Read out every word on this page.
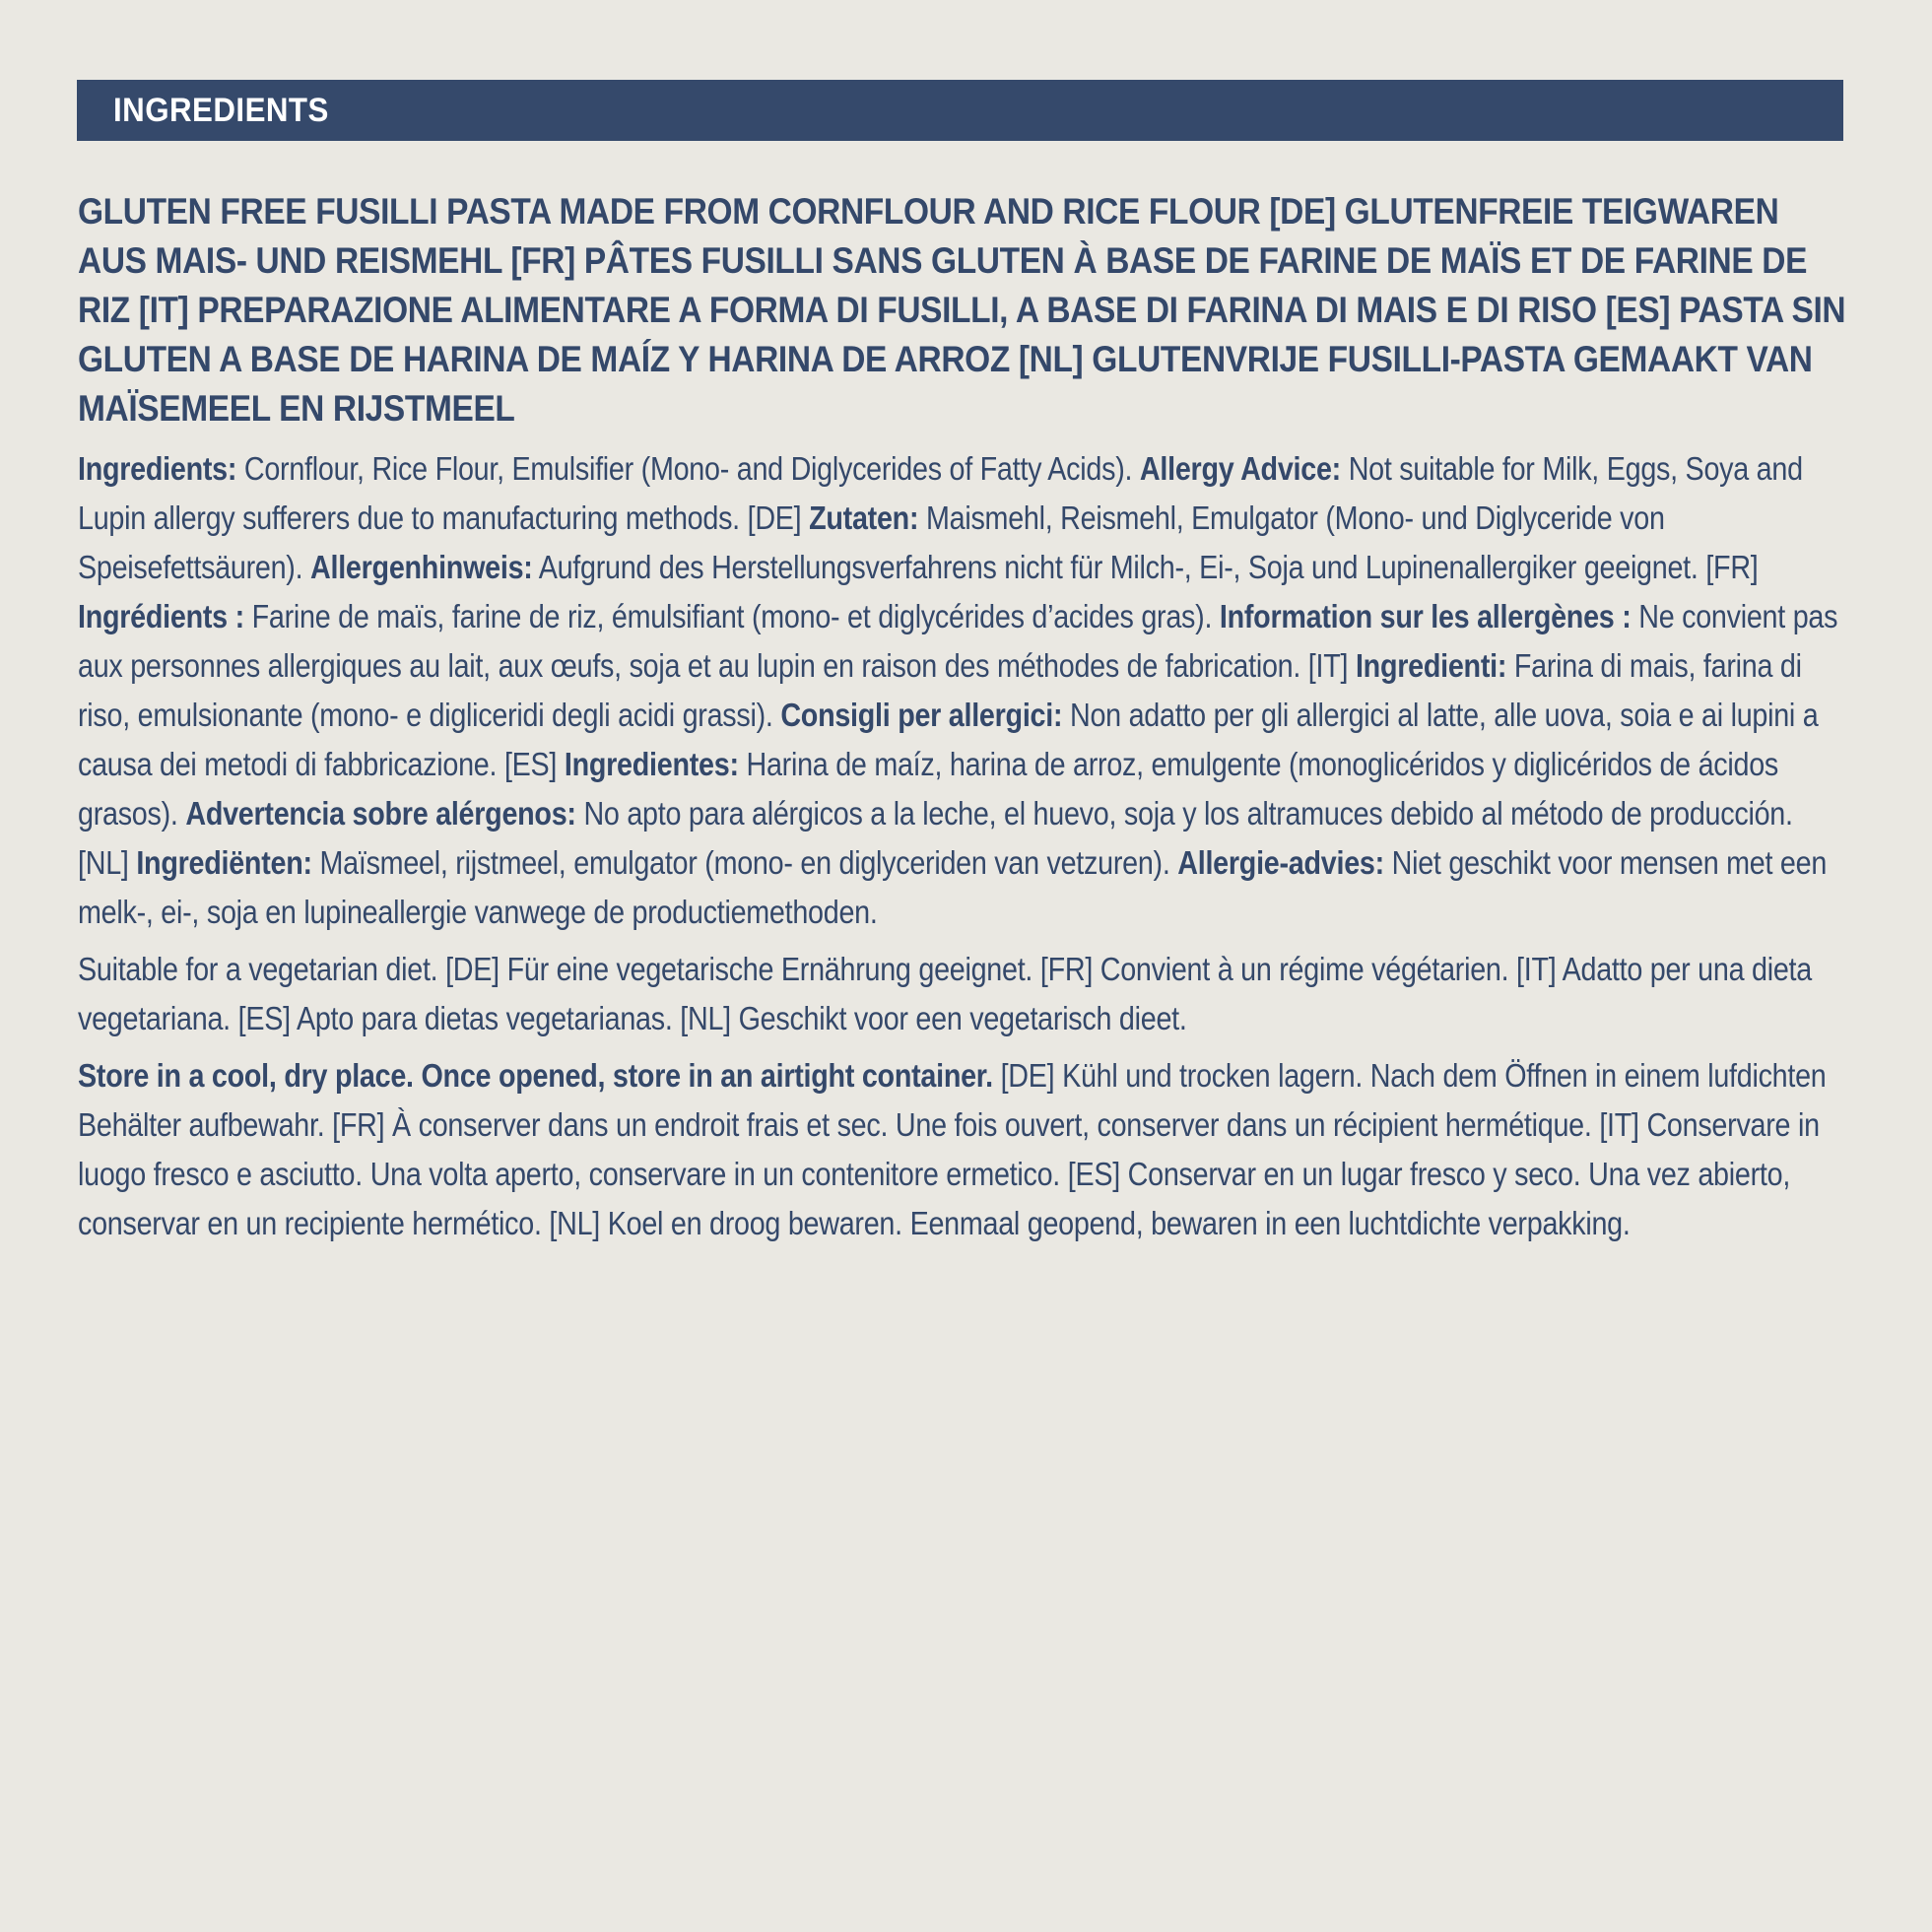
INGREDIENTS
GLUTEN FREE FUSILLI PASTA MADE FROM CORNFLOUR AND RICE FLOUR [DE] GLUTENFREIE TEIGWAREN AUS MAIS- UND REISMEHL [FR] PÂTES FUSILLI SANS GLUTEN À BASE DE FARINE DE MAÏS ET DE FARINE DE RIZ [IT] PREPARAZIONE ALIMENTARE A FORMA DI FUSILLI, A BASE DI FARINA DI MAIS E DI RISO [ES] PASTA SIN GLUTEN A BASE DE HARINA DE MAÍZ Y HARINA DE ARROZ [NL] GLUTENVRIJE FUSILLI-PASTA GEMAAKT VAN MAÏSEMEEL EN RIJSTMEEL

Ingredients: Cornflour, Rice Flour, Emulsifier (Mono- and Diglycerides of Fatty Acids). Allergy Advice: Not suitable for Milk, Eggs, Soya and Lupin allergy sufferers due to manufacturing methods. [DE] Zutaten: Maismehl, Reismehl, Emulgator (Mono- und Diglyceride von Speisefettsäuren). Allergenhinweis: Aufgrund des Herstellungsverfahrens nicht für Milch-, Ei-, Soja und Lupinenallergiker geeignet. [FR] Ingrédients : Farine de maïs, farine de riz, émulsifiant (mono- et diglycérides d’acides gras). Information sur les allergènes : Ne convient pas aux personnes allergiques au lait, aux œufs, soja et au lupin en raison des méthodes de fabrication. [IT] Ingredienti: Farina di mais, farina di riso, emulsionante (mono- e digliceridi degli acidi grassi). Consigli per allergici: Non adatto per gli allergici al latte, alle uova, soia e ai lupini a causa dei metodi di fabbricazione. [ES] Ingredientes: Harina de maíz, harina de arroz, emulgente (monoglicéridos y diglicéridos de ácidos grasos). Advertencia sobre alérgenos: No apto para alérgicos a la leche, el huevo, soja y los altramuces debido al método de producción. [NL] Ingrediënten: Maïsmeel, rijstmeel, emulgator (mono- en diglyceriden van vetzuren). Allergie-advies: Niet geschikt voor mensen met een melk-, ei-, soja en lupineallergie vanwege de productiemethoden.

Suitable for a vegetarian diet. [DE] Für eine vegetarische Ernährung geeignet. [FR] Convient à un régime végétarien. [IT] Adatto per una dieta vegetariana. [ES] Apto para dietas vegetarianas. [NL] Geschikt voor een vegetarisch dieet.

Store in a cool, dry place. Once opened, store in an airtight container. [DE] Kühl und trocken lagern. Nach dem Öffnen in einem lufdichten Behälter aufbewahr. [FR] À conserver dans un endroit frais et sec. Une fois ouvert, conserver dans un récipient hermétique. [IT] Conservare in luogo fresco e asciutto. Una volta aperto, conservare in un contenitore ermetico. [ES] Conservar en un lugar fresco y seco. Una vez abierto, conservar en un recipiente hermético. [NL] Koel en droog bewaren. Eenmaal geopend, bewaren in een luchtdichte verpakking.
